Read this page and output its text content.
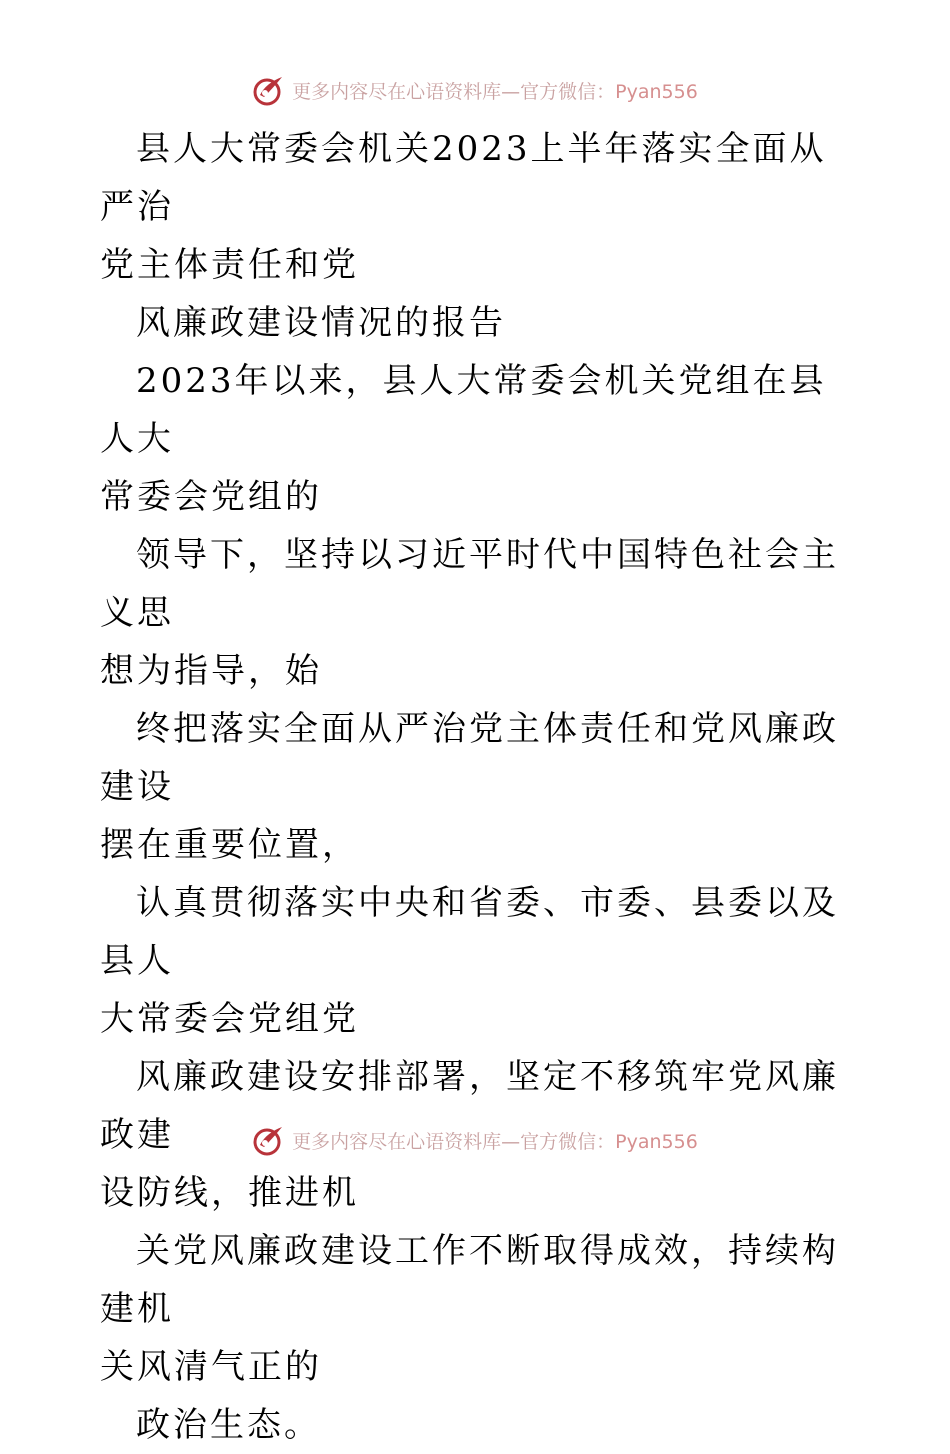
更多内容尽在心语资料库—官方微信：Pyan556

县人大常委会机关2023上半年落实全面从严治

党主体责任和党

风廉政建设情况的报告

2023年以来，县人大常委会机关党组在县人大

常委会党组的

领导下，坚持以习近平时代中国特色社会主义思

想为指导，始

终把落实全面从严治党主体责任和党风廉政建设

摆在重要位置，

认真贯彻落实中央和省委、市委、县委以及县人

大常委会党组党

风廉政建设安排部署，坚定不移筑牢党风廉政建

设防线，推进机

关党风廉政建设工作不断取得成效，持续构建机

关风清气正的

政治生态。

更多内容尽在心语资料库—官方微信：Pyan556
